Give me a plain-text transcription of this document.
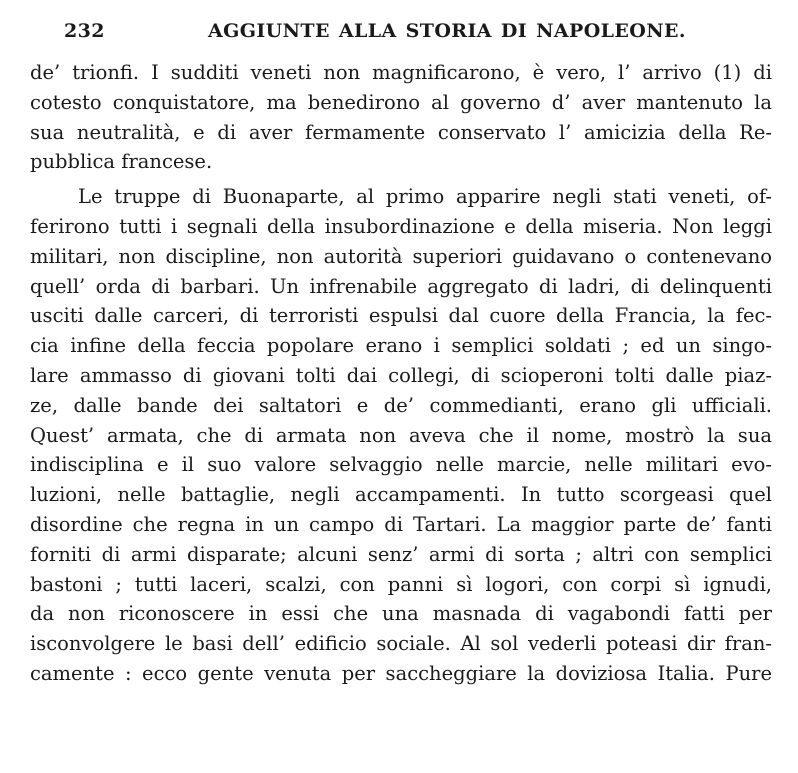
232	AGGIUNTE ALLA STORIA DI NAPOLEONE.
de’ trionfi. I sudditi veneti non magnificarono, è vero, l’ arrivo (1) di
cotesto conquistatore, ma benedirono al governo d’ aver mantenuto la
sua neutralità, e di aver fermamente conservato l’ amicizia della Re-
pubblica francese.
Le truppe di Buonaparte, al primo apparire negli stati veneti, of-
ferirono tutti i segnali della insubordinazione e della miseria. Non leggi
militari, non discipline, non autorità superiori guidavano o contenevano
quell’ orda di barbari. Un infrenabile aggregato di ladri, di delinquenti
usciti dalle carceri, di terroristi espulsi dal cuore della Francia, la fec-
cia infine della feccia popolare erano i semplici soldati ; ed un singo-
lare ammasso di giovani tolti dai collegi, di scioperoni tolti dalle piaz-
ze, dalle bande dei saltatori e de’ commedianti, erano gli ufficiali.
Quest’ armata, che di armata non aveva che il nome, mostrò la sua
indisciplina e il suo valore selvaggio nelle marcie, nelle militari evo-
luzioni, nelle battaglie, negli accampamenti. In tutto scorgeasi quel
disordine che regna in un campo di Tartari. La maggior parte de’ fanti
forniti di armi disparate; alcuni senz’ armi di sorta ; altri con semplici
bastoni ; tutti laceri, scalzi, con panni sì logori, con corpi sì ignudi,
da non riconoscere in essi che una masnada di vagabondi fatti per
isconvolgere le basi dell’ edificio sociale. Al sol vederli poteasi dir fran-
camente : ecco gente venuta per saccheggiare la doviziosa Italia. Pure
